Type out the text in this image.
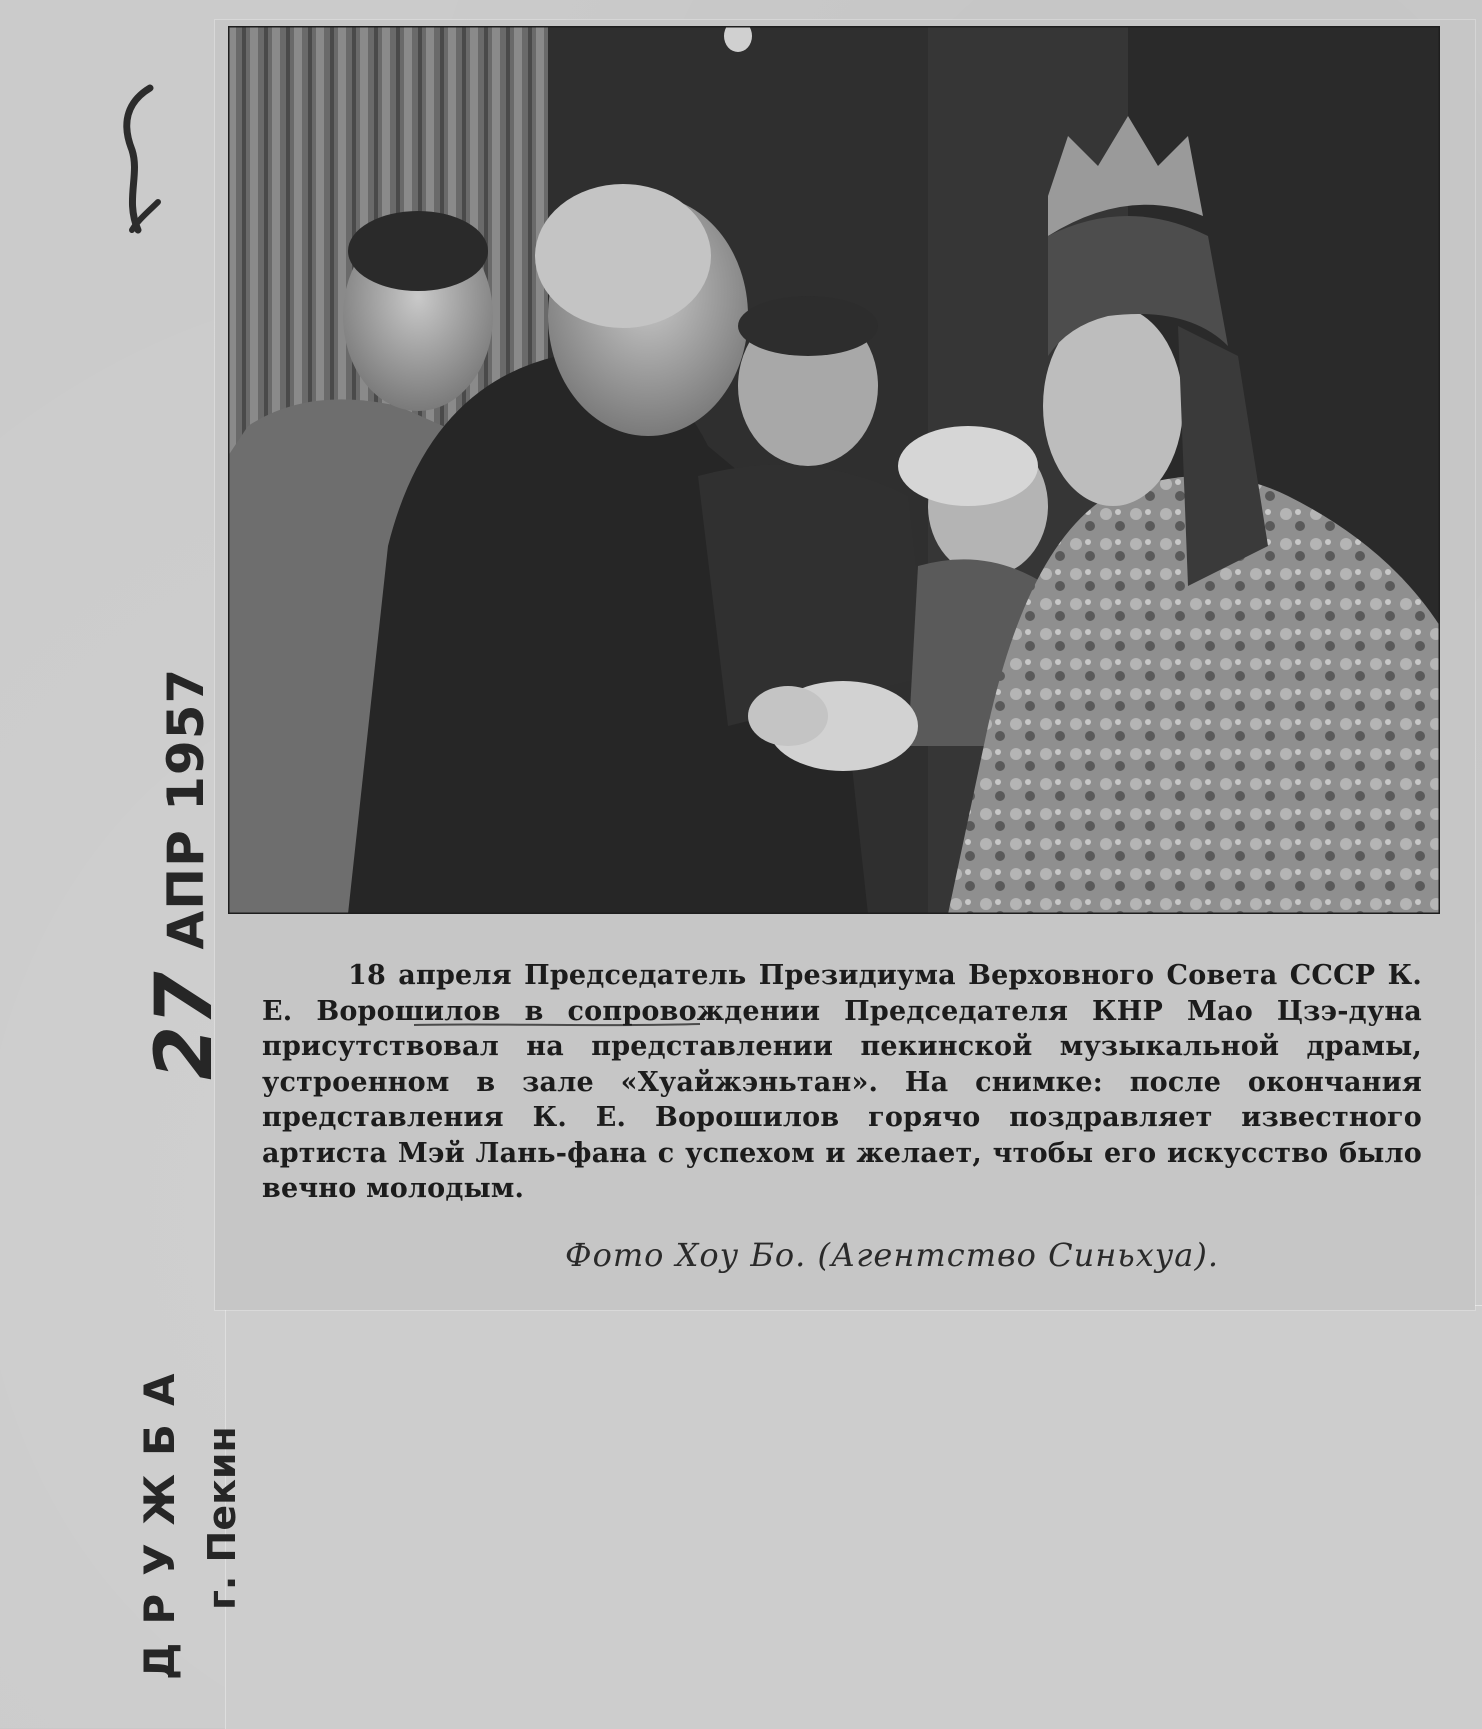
18 апреля Председатель Президиума Верховного Совета СССР К. Е. Ворошилов в сопровождении Председателя КНР Мао Цзэ-дуна присутствовал на представлении пекинской музыкальной драмы, устроенном в зале «Хуайжэньтан». На снимке: после окончания представления К. Е. Ворошилов горячо поздравляет известного артиста Мэй Лань-фана с успехом и желает, чтобы его искусство было вечно молодым.
Фото Хоу Бо. (Агентство Синьхуа).
27АПР 1957
ДРУЖБА г. Пекин
